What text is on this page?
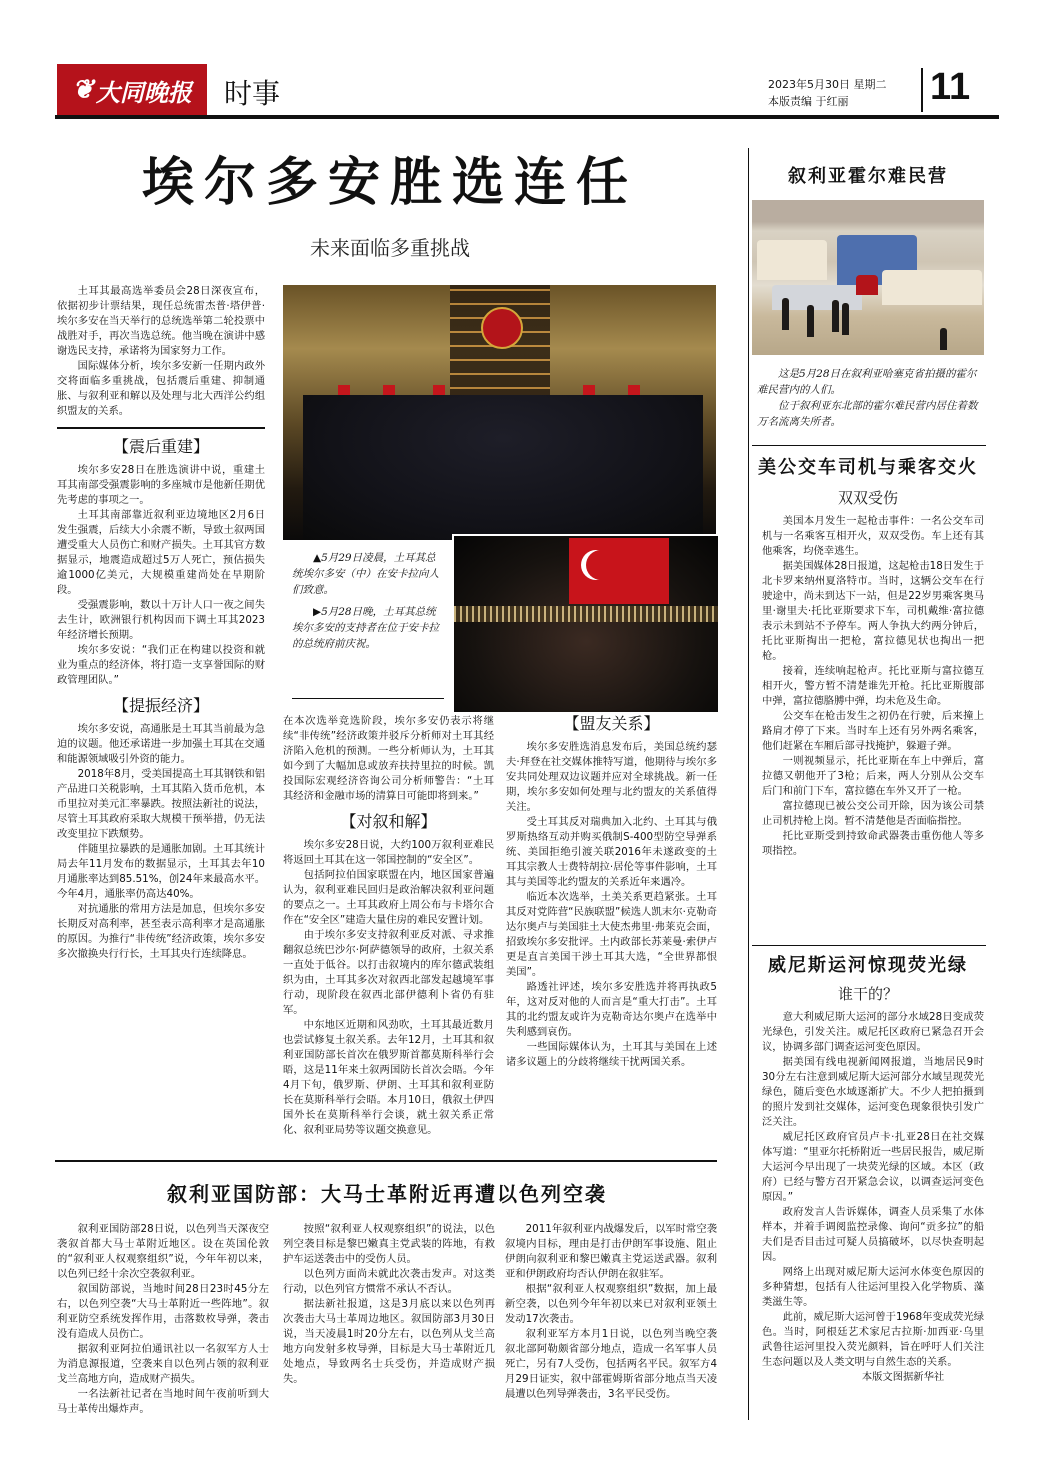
❦ 大同晚报 时事	2023年5月30日 星期二
本版责编 于红丽	11
埃尔多安胜选连任
未来面临多重挑战

土耳其最高选举委员会28日深夜宣布，依据初步计票结果，现任总统雷杰普·塔伊普·埃尔多安在当天举行的总统选举第二轮投票中战胜对手，再次当选总统。他当晚在演讲中感谢选民支持，承诺将为国家努力工作。

国际媒体分析，埃尔多安新一任期内政外交将面临多重挑战，包括震后重建、抑制通胀、与叙利亚和解以及处理与北大西洋公约组织盟友的关系。

【震后重建】

埃尔多安28日在胜选演讲中说，重建土耳其南部受强震影响的多座城市是他新任期优先考虑的事项之一。

土耳其南部靠近叙利亚边境地区2月6日发生强震，后续大小余震不断，导致土叙两国遭受重大人员伤亡和财产损失。土耳其官方数据显示，地震造成超过5万人死亡，预估损失逾1000亿美元，大规模重建尚处在早期阶段。

受强震影响，数以十万计人口一夜之间失去生计，欧洲银行机构因而下调土耳其2023年经济增长预期。

埃尔多安说：“我们正在构建以投资和就业为重点的经济体，将打造一支享誉国际的财政管理团队。”

【提振经济】

埃尔多安说，高通胀是土耳其当前最为急迫的议题。他还承诺进一步加强土耳其在交通和能源领域吸引外资的能力。

2018年8月，受美国提高土耳其钢铁和铝产品进口关税影响，土耳其陷入货币危机，本币里拉对美元汇率暴跌。按照法新社的说法，尽管土耳其政府采取大规模干预举措，仍无法改变里拉下跌颓势。

伴随里拉暴跌的是通胀加剧。土耳其统计局去年11月发布的数据显示，土耳其去年10月通胀率达到85.51%，创24年来最高水平。今年4月，通胀率仍高达40%。

对抗通胀的常用方法是加息，但埃尔多安长期反对高利率，甚至表示高利率才是高通胀的原因。为推行“非传统”经济政策，埃尔多安多次撤换央行行长，土耳其央行连续降息。

▲5月29日凌晨，土耳其总统埃尔多安（中）在安卡拉向人们致意。

▶5月28日晚，土耳其总统埃尔多安的支持者在位于安卡拉的总统府前庆祝。

在本次选举竞选阶段，埃尔多安仍表示将继续“非传统”经济政策并驳斥分析师对土耳其经济陷入危机的预测。一些分析师认为，土耳其如今到了大幅加息或放弃扶持里拉的时候。凯投国际宏观经济咨询公司分析师警告：“土耳其经济和金融市场的清算日可能即将到来。”

【对叙和解】

埃尔多安28日说，大约100万叙利亚难民将返回土耳其在这一邻国控制的“安全区”。

包括阿拉伯国家联盟在内，地区国家普遍认为，叙利亚难民回归是政治解决叙利亚问题的要点之一。土耳其政府上周公布与卡塔尔合作在“安全区”建造大量住房的难民安置计划。

由于埃尔多安支持叙利亚反对派、寻求推翻叙总统巴沙尔·阿萨德领导的政府，土叙关系一直处于低谷。以打击叙境内的库尔德武装组织为由，土耳其多次对叙西北部发起越境军事行动，现阶段在叙西北部伊德利卜省仍有驻军。

中东地区近期和风劲吹，土耳其最近数月也尝试修复土叙关系。去年12月，土耳其和叙利亚国防部长首次在俄罗斯首都莫斯科举行会晤，这是11年来土叙两国防长首次会晤。今年4月下旬，俄罗斯、伊朗、土耳其和叙利亚防长在莫斯科举行会晤。本月10日，俄叙土伊四国外长在莫斯科举行会谈，就土叙关系正常化、叙利亚局势等议题交换意见。

【盟友关系】

埃尔多安胜选消息发布后，美国总统约瑟夫·拜登在社交媒体推特写道，他期待与埃尔多安共同处理双边议题并应对全球挑战。新一任期，埃尔多安如何处理与北约盟友的关系值得关注。

受土耳其反对瑞典加入北约、土耳其与俄罗斯热络互动并购买俄制S-400型防空导弹系统、美国拒绝引渡关联2016年未遂政变的土耳其宗教人士费特胡拉·居伦等事件影响，土耳其与美国等北约盟友的关系近年来遇冷。

临近本次选举，土美关系更趋紧张。土耳其反对党阵营“民族联盟”候选人凯末尔·克勒奇达尔奥卢与美国驻土大使杰弗里·弗莱克会面，招致埃尔多安批评。土内政部长苏莱曼·索伊卢更是直言美国干涉土耳其大选，“全世界都恨美国”。

路透社评述，埃尔多安胜选并将再执政5年，这对反对他的人而言是“重大打击”。土耳其的北约盟友或许为克勒奇达尔奥卢在选举中失利感到哀伤。

一些国际媒体认为，土耳其与美国在上述诸多议题上的分歧将继续干扰两国关系。

叙利亚霍尔难民营

这是5月28日在叙利亚哈塞克省拍摄的霍尔难民营内的人们。

位于叙利亚东北部的霍尔难民营内居住着数万名流离失所者。

美公交车司机与乘客交火
双双受伤

美国本月发生一起枪击事件：一名公交车司机与一名乘客互相开火，双双受伤。车上还有其他乘客，均侥幸逃生。

据美国媒体28日报道，这起枪击18日发生于北卡罗来纳州夏洛特市。当时，这辆公交车在行驶途中，尚未到达下一站，但是22岁男乘客奥马里·谢里夫·托比亚斯要求下车，司机戴维·富拉德表示未到站不予停车。两人争执大约两分钟后，托比亚斯掏出一把枪，富拉德见状也掏出一把枪。

接着，连续响起枪声。托比亚斯与富拉德互相开火，警方暂不清楚谁先开枪。托比亚斯腹部中弹，富拉德胳膊中弹，均未危及生命。

公交车在枪击发生之初仍在行驶，后来撞上路肩才停了下来。当时车上还有另外两名乘客，他们赶紧在车厢后部寻找掩护，躲避子弹。

一则视频显示，托比亚斯在车上中弹后，富拉德又朝他开了3枪；后来，两人分别从公交车后门和前门下车，富拉德在车外又开了一枪。

富拉德现已被公交公司开除，因为该公司禁止司机持枪上岗。暂不清楚他是否面临指控。

托比亚斯受到持致命武器袭击重伤他人等多项指控。

威尼斯运河惊现荧光绿
谁干的？

意大利威尼斯大运河的部分水域28日变成荧光绿色，引发关注。威尼托区政府已紧急召开会议，协调多部门调查运河变色原因。

据美国有线电视新闻网报道，当地居民9时30分左右注意到威尼斯大运河部分水域呈现荧光绿色，随后变色水域逐渐扩大。不少人把拍摄到的照片发到社交媒体，运河变色现象很快引发广泛关注。

威尼托区政府官员卢卡·扎亚28日在社交媒体写道：“里亚尔托桥附近一些居民报告，威尼斯大运河今早出现了一块荧光绿的区域。本区（政府）已经与警方召开紧急会议，以调查运河变色原因。”

政府发言人告诉媒体，调查人员采集了水体样本，并着手调阅监控录像、询问“贡多拉”的船夫们是否目击过可疑人员搞破坏，以尽快查明起因。

网络上出现对威尼斯大运河水体变色原因的多种猜想，包括有人往运河里投入化学物质、藻类滋生等。

此前，威尼斯大运河曾于1968年变成荧光绿色。当时，阿根廷艺术家尼古拉斯·加西亚·乌里武鲁往运河里投入荧光颜料，旨在呼吁人们关注生态问题以及人类文明与自然生态的关系。

本版文图据新华社
叙利亚国防部：大马士革附近再遭以色列空袭

叙利亚国防部28日说，以色列当天深夜空袭叙首都大马士革附近地区。设在英国伦敦的“叙利亚人权观察组织”说，今年年初以来，以色列已经十余次空袭叙利亚。

叙国防部说，当地时间28日23时45分左右，以色列空袭“大马士革附近一些阵地”。叙利亚防空系统发挥作用，击落数枚导弹，袭击没有造成人员伤亡。

据叙利亚阿拉伯通讯社以一名叙军方人士为消息源报道，空袭来自以色列占领的叙利亚戈兰高地方向，造成财产损失。

一名法新社记者在当地时间午夜前听到大马士革传出爆炸声。

按照“叙利亚人权观察组织”的说法，以色列空袭目标是黎巴嫩真主党武装的阵地，有救护车运送袭击中的受伤人员。

以色列方面尚未就此次袭击发声。对这类行动，以色列官方惯常不承认不否认。

据法新社报道，这是3月底以来以色列再次袭击大马士革周边地区。叙国防部3月30日说，当天凌晨1时20分左右，以色列从戈兰高地方向发射多枚导弹，目标是大马士革附近几处地点，导致两名士兵受伤，并造成财产损失。

2011年叙利亚内战爆发后，以军时常空袭叙境内目标，理由是打击伊朗军事设施、阻止伊朗向叙利亚和黎巴嫩真主党运送武器。叙利亚和伊朗政府均否认伊朗在叙驻军。

根据“叙利亚人权观察组织”数据，加上最新空袭，以色列今年年初以来已对叙利亚领土发动17次袭击。

叙利亚军方本月1日说，以色列当晚空袭叙北部阿勒颇省部分地点，造成一名军事人员死亡，另有7人受伤，包括两名平民。叙军方4月29日证实，叙中部霍姆斯省部分地点当天凌晨遭以色列导弹袭击，3名平民受伤。
